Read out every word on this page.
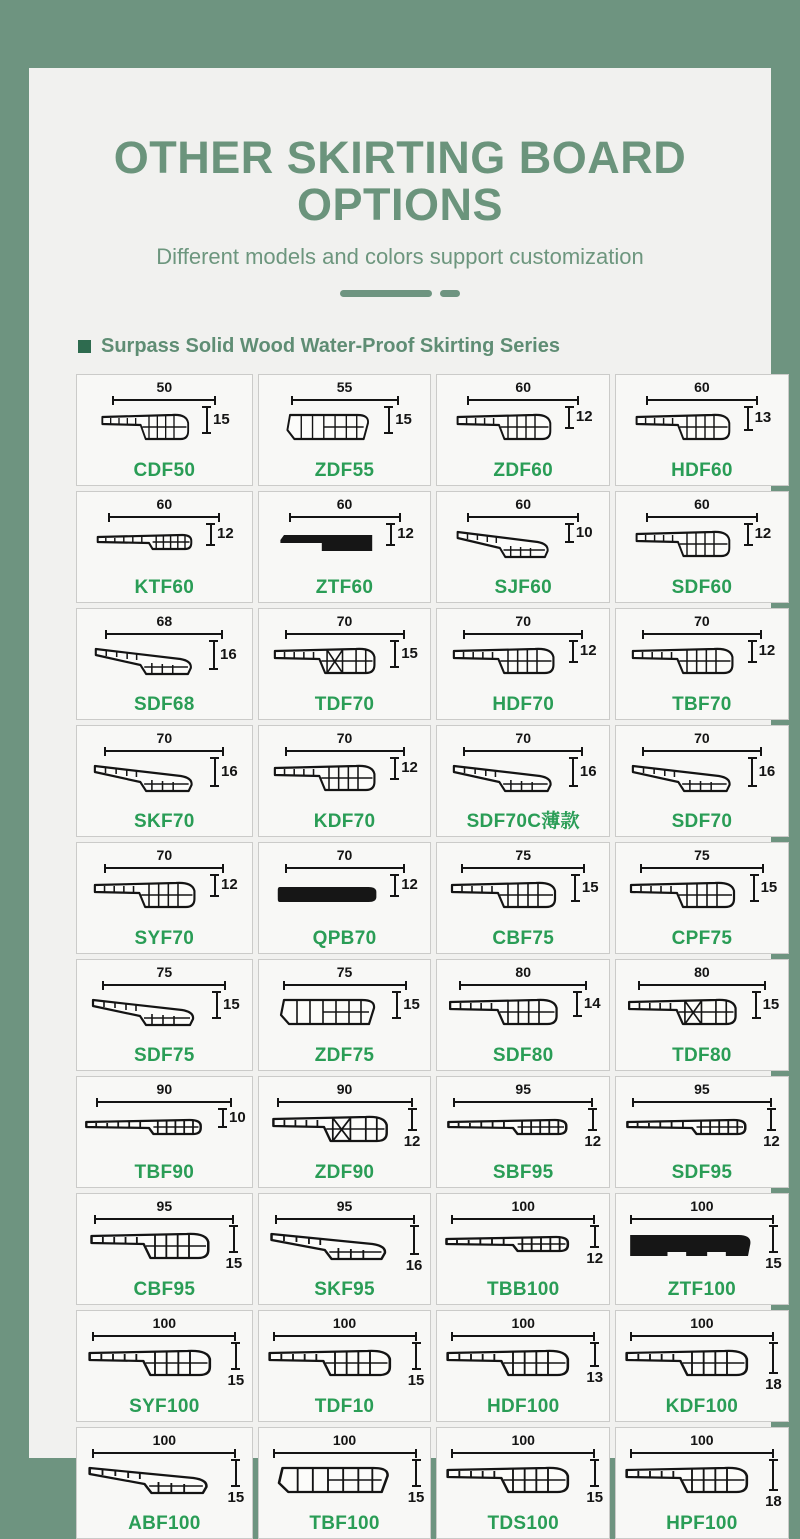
OTHER SKIRTING BOARD OPTIONS
Different models and colors support customization
Surpass Solid Wood Water-Proof Skirting Series
50
15
CDF50
55
15
ZDF55
60
12
ZDF60
60
13
HDF60
60
12
KTF60
60
12
ZTF60
60
10
SJF60
60
12
SDF60
68
16
SDF68
70
15
TDF70
70
12
HDF70
70
12
TBF70
70
16
SKF70
70
12
KDF70
70
16
SDF70C薄款
70
16
SDF70
70
12
SYF70
70
12
QPB70
75
15
CBF75
75
15
CPF75
75
15
SDF75
75
15
ZDF75
80
14
SDF80
80
15
TDF80
90
10
TBF90
90
12
ZDF90
95
12
SBF95
95
12
SDF95
95
15
CBF95
95
16
SKF95
100
12
TBB100
100
15
ZTF100
100
15
SYF100
100
15
TDF10
100
13
HDF100
100
18
KDF100
100
15
ABF100
100
15
TBF100
100
15
TDS100
100
18
HPF100
